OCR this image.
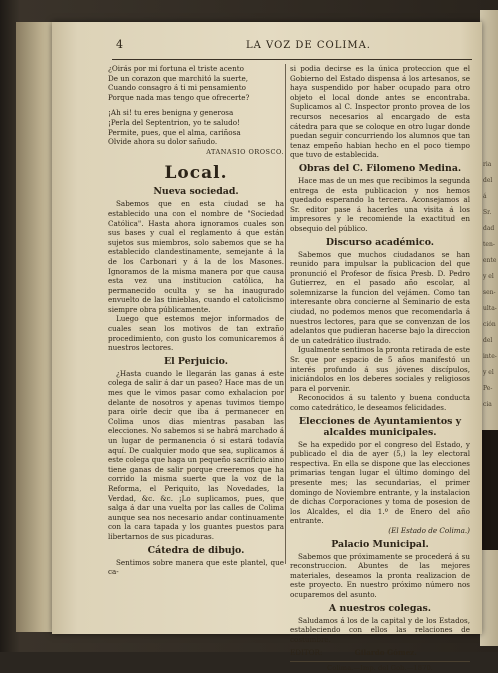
ria
del
á
Sr.
dad
ten-
ente
y el
sen-
ulta-
ción
del
inte-
y el
Pe-
cia
4	LA VOZ DE COLIMA.
¿Oirás por mi fortuna el triste acento
De un corazon que marchitó la suerte,
Cuando consagro á ti mi pensamiento
Porque nada mas tengo que ofrecerte?
¡Ah si! tu eres benigna y generosa
¡Perla del Septentrion, yo te saludo!
Permite, pues, que el alma, cariñosa
Olvide ahora su dolor sañudo.
ATANASIO OROSCO.
Local.
Nueva sociedad.

Sabemos que en esta ciudad se ha establecido una con el nombre de "Sociedad Católica". Hasta ahora ignoramos cuales son sus bases y cual el reglamento á que están sujetos sus miembros, solo sabemos que se ha establecido clandestinamente, semejante á la de los Carbonari y á la de los Masones. Ignoramos de la misma manera por que causa esta vez una institucion católica, ha permanecido oculta y se ha inaugurado envuelto de las tinieblas, cuando el catolicismo siempre obra públicamente.

Luego que estemos mejor informados de cuales sean los motivos de tan extraño procedimiento, con gusto los comunicaremos á nuestros lectores.

El Perjuicio.

¿Hasta cuando le llegarán las ganas á este colega de salir á dar un paseo? Hace mas de un mes que le vimos pasar como exhalacion por delante de nosotros y apenas tuvimos tiempo para oirle decir que iba á permanecer en Colima unos dias mientras pasaban las elecciones. No sabemos si se habrá marchado á un lugar de permanencia ó si estará todavía aquí. De cualquier modo que sea, suplicamos á este colega que haga un pequeño sacrificio aino tiene ganas de salir porque creeremos que ha corrido la misma suerte que la voz de la Reforma, el Periquito, las Novedades, la Verdad, &c. &c. ¡Lo suplicamos, pues, que salga á dar una vuelta por las calles de Colima aunque sea nos necesario andar continuamente con la cara tapada y los guantes puestos para libertarnos de sus picaduras.

Cátedra de dibujo.

Sentimos sobre manera que este plantel, que ca-

si podia decirse es la única proteccion que el Gobierno del Estado dispensa á los artesanos, se haya suspendido por haber ocupado para otro objeto el local donde antes se encontraba. Suplicamos al C. Inspector pronto provea de los recursos necesarios al encargado de esta cátedra para que se coloque en otro lugar donde puedan seguir concurriendo los alumnos que tan tenaz empeño habian hecho en el poco tiempo que tuvo de establecida.

Obras del C. Filomeno Medina.

Hace mas de un mes que recibimos la segunda entrega de esta publicacion y nos hemos quedado esperando la tercera. Aconsejamos al Sr. editor pase á hacerles una visita á los impresores y le recomiende la exactitud en obsequio del público.

Discurso académico.

Sabemos que muchos ciudadanos se han reunido para impulsar la publicacion del que pronunció el Profesor de física Presb. D. Pedro Gutierrez, en el pasado año escolar, al solemnizarse la funcion del vejámen. Como tan interesante obra concierne al Seminario de esta ciudad, no podemos menos que recomendarla á nuestros lectores, para que se convenzan de los adelantos que pudieran hacerse bajo la direccion de un catedrático ilustrado.

Igualmente sentimos la pronta retirada de este Sr. que por espacio de 5 años manifestó un interés profundo á sus jóvenes discípulos, iniciándolos en los deberes sociales y religiosos para el porvenir.

Reconocidos á su talento y buena conducta como catedrático, le deseamos felicidades.

Elecciones de Ayuntamientos y alcaldes municipales.

Se ha expedido por el congreso del Estado, y publicado el dia de ayer (5,) la ley electoral respectiva. En ella se dispone que las elecciones primarias tengan lugar el último domingo del presente mes; las secundarias, el primer domingo de Noviembre entrante, y la instalacion de dichas Corporaciones y toma de posesion de los Alcaldes, el dia 1.º de Enero del año entrante.

(El Estado de Colima.)
Palacio Municipal.

Sabemos que próximamente se procederá á su reconstruccion. Abuntes de las mejores materiales, deseamos la pronta realizacion de este proyecto. En nuestro próximo número nos ocuparemos del asunto.

A nuestros colegas.

Saludamos á los de la capital y de los Estados, estableciendo con ellos las relaciones de costumbre.

EDITOR:	Gilardo Gómez.
Colima.—Imp. del Gob.—1870.
